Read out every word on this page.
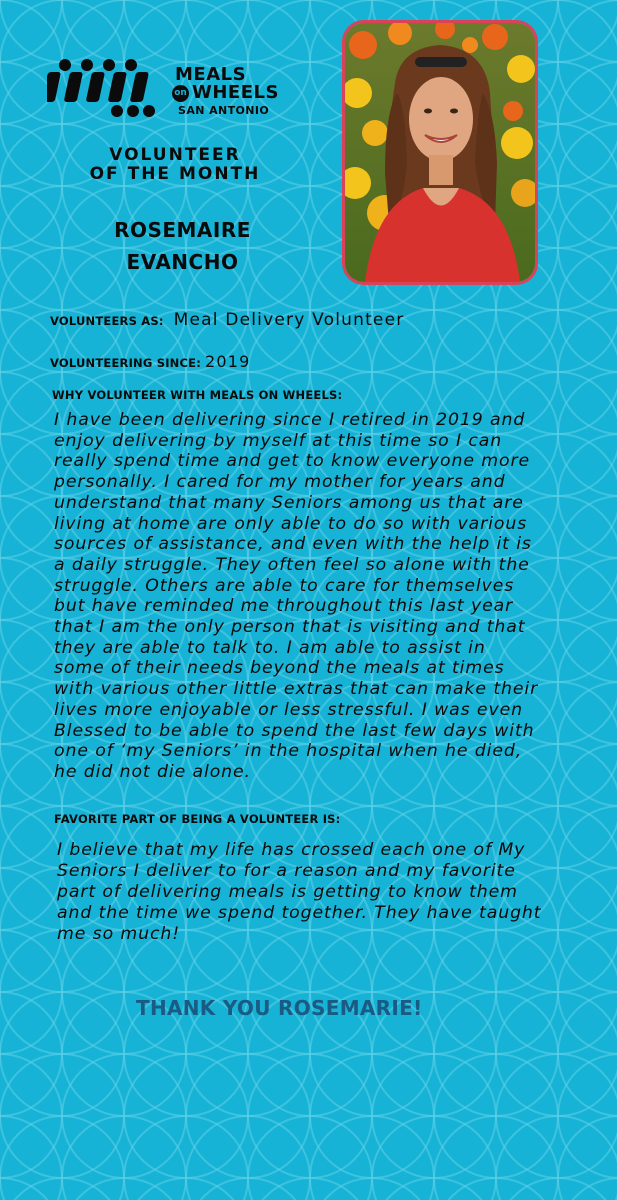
MEALS
on WHEELS
SAN ANTONIO
VOLUNTEER
OF THE MONTH
ROSEMAIRE
EVANCHO
VOLUNTEERS AS: Meal Delivery Volunteer
VOLUNTEERING SINCE: 2019
WHY VOLUNTEER WITH MEALS ON WHEELS:

I have been delivering since I retired in 2019 and
enjoy delivering by myself at this time so I can
really spend time and get to know everyone more
personally. I cared for my mother for years and
understand that many Seniors among us that are
living at home are only able to do so with various
sources of assistance, and even with the help it is
a daily struggle. They often feel so alone with the
struggle. Others are able to care for themselves
but have reminded me throughout this last year
that I am the only person that is visiting and that
they are able to talk to. I am able to assist in
some of their needs beyond the meals at times
with various other little extras that can make their
lives more enjoyable or less stressful. I was even
Blessed to be able to spend the last few days with
one of ‘my Seniors’ in the hospital when he died,
he did not die alone.

FAVORITE PART OF BEING A VOLUNTEER IS:

I believe that my life has crossed each one of My
Seniors I deliver to for a reason and my favorite
part of delivering meals is getting to know them
and the time we spend together. They have taught
me so much!

THANK YOU ROSEMARIE!
